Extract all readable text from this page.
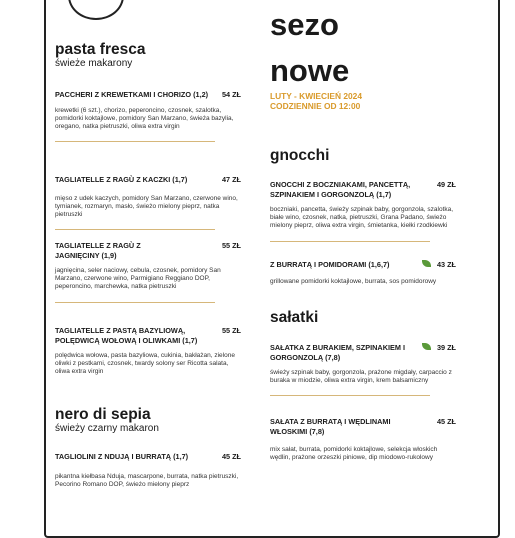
pasta fresca
świeże makarony
PACCHERI Z KREWETKAMI I CHORIZO (1,2) 54 ZŁ
krewetki (6 szt.), chorizo, peperoncino, czosnek, szalotka, pomidorki koktajlowe, pomidory San Marzano, świeża bazylia, oregano, natka pietruszki, oliwa extra virgin
TAGLIATELLE Z RAGÙ Z KACZKI (1,7)	47 ZŁ
mięso z udek kaczych, pomidory San Marzano, czerwone wino, tymianek, rozmaryn, masło, świeżo mielony pieprz, natka pietruszki
TAGLIATELLE Z RAGÙ Z JAGNIĘCINY (1,9)
55 ZŁ
jagnięcina, seler naciowy, cebula, czosnek, pomidory San Marzano, czerwone wino, Parmigiano Reggiano DOP, peperoncino, marchewka, natka pietruszki
TAGLIATELLE Z PASTĄ BAZYLIOWĄ, POLĘDWICĄ WOŁOWĄ I OLIWKAMI (1,7)
55 ZŁ
polędwica wołowa, pasta bazyliowa, cukinia, bakłażan, zielone oliwki z pestkami, czosnek, twardy solony ser Ricotta salata, oliwa extra virgin
nero di sepia
świeży czarny makaron
TAGLIOLINI Z NDUJĄ I BURRATĄ (1,7)	45 ZŁ
pikantna kiełbasa Nduja, mascarpone, burrata, natka pietruszki, Pecorino Romano DOP, świeżo mielony pieprz
sezo
nowe
LUTY - KWIECIEŃ 2024
CODZIENNIE OD 12:00
gnocchi
GNOCCHI Z BOCZNIAKAMI, PANCETTĄ, SZPINAKIEM I GORGONZOLĄ (1,7)
49 ZŁ
boczniaki, pancetta, świeży szpinak baby, gorgonzola, szalotka, białe wino, czosnek, natka, pietruszki, Grana Padano, świeżo mielony pieprz, oliwa extra virgin, śmietanka, kiełki rzodkiewki
Z BURRATĄ I POMIDORAMI (1,6,7)	43 ZŁ
grillowane pomidorki koktajlowe, burrata, sos pomidorowy
sałatki
SAŁATKA Z BURAKIEM, SZPINAKIEM I GORGONZOLĄ (7,8)
39 ZŁ
świeży szpinak baby, gorgonzola, prażone migdały, carpaccio z buraka w miodzie, oliwa extra virgin, krem balsamiczny
SAŁATA Z BURRATĄ I WĘDLINAMI WŁOSKIMI (7,8)
45 ZŁ
mix sałat, burrata, pomidorki koktajlowe, selekcja włoskich wędlin, prażone orzeszki piniowe, dip miodowo-rukolowy
